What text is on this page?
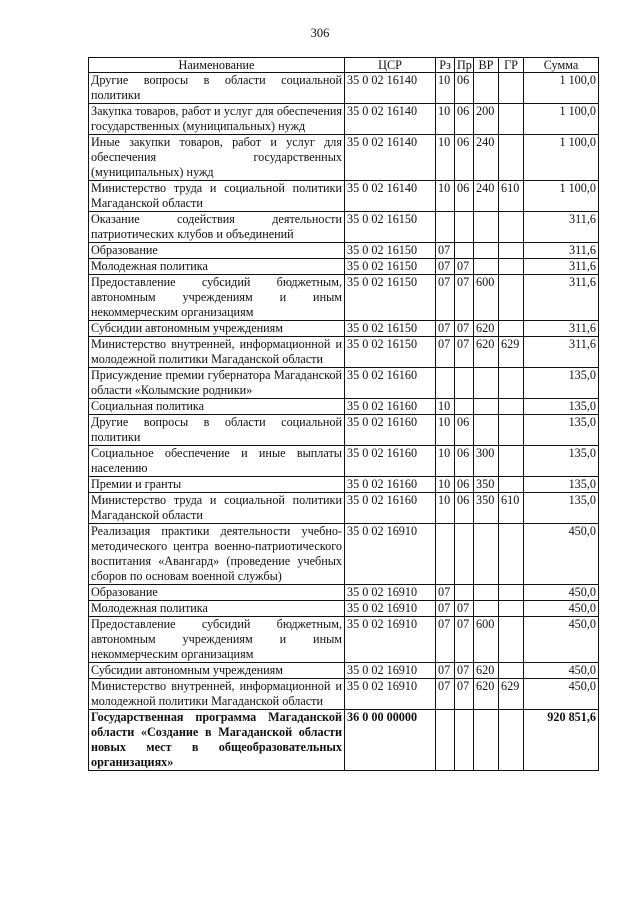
306
Наименование	ЦСР	Рз	Пр	ВР	ГР	Сумма
Другие вопросы в области социальной политики	35 0 02 16140	10	06			1 100,0
Закупка товаров, работ и услуг для обеспечения государственных (муниципальных) нужд	35 0 02 16140	10	06	200		1 100,0
Иные закупки товаров, работ и услуг для обеспечения государственных (муниципальных) нужд	35 0 02 16140	10	06	240		1 100,0
Министерство труда и социальной политики Магаданской области	35 0 02 16140	10	06	240	610	1 100,0
Оказание содействия деятельности патриотических клубов и объединений	35 0 02 16150					311,6
Образование	35 0 02 16150	07				311,6
Молодежная политика	35 0 02 16150	07	07			311,6
Предоставление субсидий бюджетным, автономным учреждениям и иным некоммерческим организациям	35 0 02 16150	07	07	600		311,6
Субсидии автономным учреждениям	35 0 02 16150	07	07	620		311,6
Министерство внутренней, информационной и молодежной политики Магаданской области	35 0 02 16150	07	07	620	629	311,6
Присуждение премии губернатора Магаданской области «Колымские родники»	35 0 02 16160					135,0
Социальная политика	35 0 02 16160	10				135,0
Другие вопросы в области социальной политики	35 0 02 16160	10	06			135,0
Социальное обеспечение и иные выплаты населению	35 0 02 16160	10	06	300		135,0
Премии и гранты	35 0 02 16160	10	06	350		135,0
Министерство труда и социальной политики Магаданской области	35 0 02 16160	10	06	350	610	135,0
Реализация практики деятельности учебно-методического центра военно-патриотического воспитания «Авангард» (проведение учебных сборов по основам военной службы)	35 0 02 16910					450,0
Образование	35 0 02 16910	07				450,0
Молодежная политика	35 0 02 16910	07	07			450,0
Предоставление субсидий бюджетным, автономным учреждениям и иным некоммерческим организациям	35 0 02 16910	07	07	600		450,0
Субсидии автономным учреждениям	35 0 02 16910	07	07	620		450,0
Министерство внутренней, информационной и молодежной политики Магаданской области	35 0 02 16910	07	07	620	629	450,0
Государственная программа Магаданской области «Создание в Магаданской области новых мест в общеобразовательных организациях»	36 0 00 00000					920 851,6
